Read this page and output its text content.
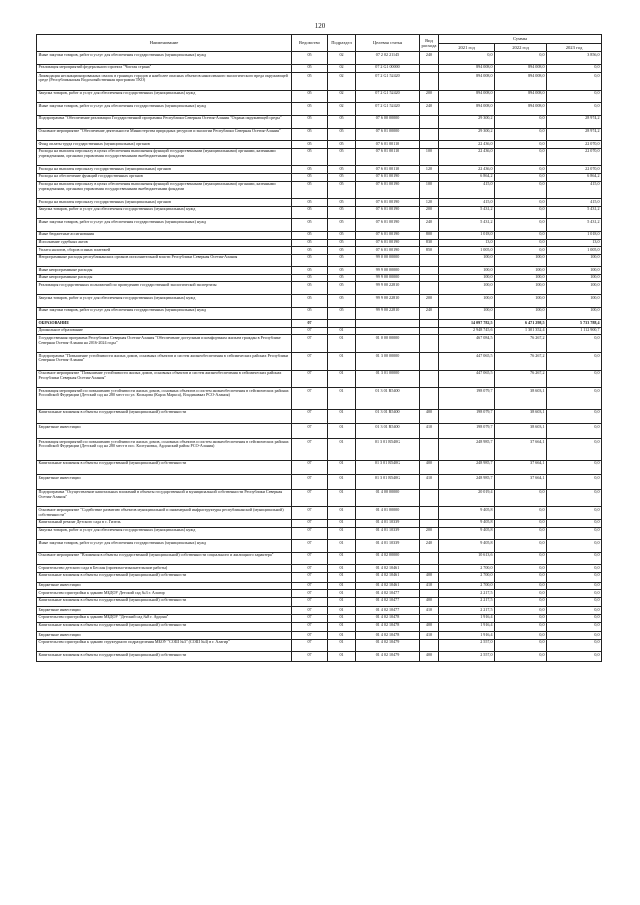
120
Наименование	Ведомство	Подраздел	Целевая статья	Вид расхода	Суммы		
					2021 год	2022 год	2023 год
Иные закупки товаров, работ и услуг для обеспечения государственных (муниципальных) нужд	05	02	07 2 02 21145	240	0,0	0,0	3 856,0
Реализация мероприятий федерального проекта "Чистая страна"	05	02	07 2 G1 00000		894 008,0	894 008,0	0,0
Ликвидация несанкционированных свалок в границах городов и наиболее опасных объектов накопленного экологического вреда окружающей среде (Республиканская Водохозяйственная программа ТКО)	05	02	07 2 G1 52420		894 008,0	894 008,0	0,0
Закупка товаров, работ и услуг для обеспечения государственных (муниципальных) нужд	05	02	07 2 G1 52420	200	894 008,0	894 008,0	0,0
Иные закупки товаров, работ и услуг для обеспечения государственных (муниципальных) нужд	05	02	07 2 G1 52420	240	894 008,0	894 008,0	0,0
Подпрограмма "Обеспечение реализации Государственной программы Республики Северная Осетия-Алания "Охрана окружающей среды"	05	05	07 6 00 00000		29 300,2	0,0	28 974,2
Основное мероприятие "Обеспечение деятельности Министерства природных ресурсов и экологии Республики Северная Осетия-Алания"	05	05	07 6 01 00000		29 300,2	0,0	28 974,2
Фонд оплаты труда государственных (муниципальных) органов	05	05	07 6 01 00110		22 436,0	0,0	22 070,0
Расходы на выплаты персоналу в целях обеспечения выполнения функций государственными (муниципальными) органами, казенными учреждениями, органами управления государственными внебюджетными фондами	05	05	07 6 01 00110	100	22 436,0	0,0	22 070,0
Расходы на выплаты персоналу государственных (муниципальных) органов	05	05	07 6 01 00110	120	22 436,0	0,0	22 070,0
Расходы на обеспечение функций государственных органов	05	05	07 6 01 00190		6 864,2	0,0	6 864,2
Расходы на выплаты персоналу в целях обеспечения выполнения функций государственными (муниципальными) органами, казенными учреждениями, органами управления государственными внебюджетными фондами	05	05	07 6 01 00190	100	415,0	0,0	415,0
Расходы на выплаты персоналу государственных (муниципальных) органов	05	05	07 6 01 00190	120	415,0	0,0	415,0
Закупка товаров, работ и услуг для обеспечения государственных (муниципальных) нужд	05	05	07 6 01 00190	200	5 431,2	0,0	5 431,2
Иные закупки товаров, работ и услуг для обеспечения государственных (муниципальных) нужд	05	05	07 6 01 00190	240	5 431,2	0,0	5 431,2
Иные бюджетные ассигнования	05	05	07 6 01 00190	800	1 018,0	0,0	1 018,0
Исполнение судебных актов	05	05	07 6 01 00190	830	13,0	0,0	13,0
Уплата налогов, сборов и иных платежей	05	05	07 6 01 00190	850	1 005,0	0,0	1 005,0
Непрограммные расходы республиканских органов исполнительной власти Республики Северная Осетия-Алания	05	05	99 0 00 00000		100,0	100,0	100,0
Иные непрограммные расходы	05	05	99 9 00 00000		100,0	100,0	100,0
Иные непрограммные расходы	05	05	99 9 00 00000		100,0	100,0	100,0
Реализация государственных полномочий по проведению государственной экологической экспертизы	05	05	99 9 00 22810		100,0	100,0	100,0
Закупка товаров, работ и услуг для обеспечения государственных (муниципальных) нужд	05	05	99 9 00 22810	200	100,0	100,0	100,0
Иные закупки товаров, работ и услуг для обеспечения государственных (муниципальных) нужд	05	05	99 9 00 22810	240	100,0	100,0	100,0
ОБРАЗОВАНИЕ	07				14 097 782,5	6 471 298,5	5 733 788,4
Дошкольное образование	07	01			2 948 745,6	1 301 352,4	1 112 900,7
Государственная программа Республики Северная Осетия-Алания "Обеспечение доступным и комфортным жильем граждан в Республике Северная Осетия-Алания на 2016-2024 годы"	07	01	01 0 00 00000		467 084,5	76 267,2	0,0
Подпрограмма "Повышение устойчивости жилых домов, основных объектов и систем жизнеобеспечения в сейсмических районах Республики Северная Осетия-Алания"	07	01	01 3 00 00000		447 065,5	76 267,2	0,0
Основное мероприятие "Повышение устойчивости жилых домов, основных объектов и систем жизнеобеспечения в сейсмических районах Республики Северная Осетия-Алания"	07	01	01 3 01 00000		447 065,5	76 267,2	0,0
Реализация мероприятий по повышению устойчивости жилых домов, основных объектов и систем жизнеобеспечения в сейсмических районах Российской Федерации (Детский сад на 280 мест по ул. Кольцова (Карла Маркса), Владикавказ РСО-Алания)	07	01	01 3 01 R5400		198 079,7	38 603,1	0,0
Капитальные вложения в объекты государственной (муниципальной) собственности	07	01	01 3 01 R5400	400	198 079,7	38 603,1	0,0
Бюджетные инвестиции	07	01	01 3 01 R5400	410	198 079,7	38 603,1	0,0
Реализация мероприятий по повышению устойчивости жилых домов, основных объектов и систем жизнеобеспечения в сейсмических районах Российской Федерации (Детский сад на 280 мест в пос. Колтуновка, Ардонский район РСО-Алания)	07	01	01 3 01 R540G		248 985,7	37 664,1	0,0
Капитальные вложения в объекты государственной (муниципальной) собственности	07	01	01 3 01 R540G	400	248 985,7	37 664,1	0,0
Бюджетные инвестиции	07	01	01 3 01 R540G	410	248 985,7	37 664,1	0,0
Подпрограмма "Осуществление капитальных вложений в объекты государственной и муниципальной собственности Республики Северная Осетия-Алания"	07	01	01 4 00 00000		20 019,4	0,0	0,0
Основное мероприятие "Содействие развитию объектов муниципальной и инженерной инфраструктуры республиканской (муниципальной) собственности"	07	01	01 4 01 00000		9 405,8	0,0	0,0
Капитальный ремонт Детского сада в с. Гизель	07	01	01 4 01 10339		9 405,8	0,0	0,0
Закупка товаров, работ и услуг для обеспечения государственных (муниципальных) нужд	07	01	01 4 01 10339	200	9 405,8	0,0	0,0
Иные закупки товаров, работ и услуг для обеспечения государственных (муниципальных) нужд	07	01	01 4 01 10339	240	9 405,8	0,0	0,0
Основное мероприятие "Вложения в объекты государственной (муниципальной) собственности социального и жилищного характера"	07	01	01 4 02 00000		10 613,6	0,0	0,0
Строительство детского сада в Беслан (проектно-изыскательские работы)	07	01	01 4 02 10461		2 700,0	0,0	0,0
Капитальные вложения в объекты государственной (муниципальной) собственности	07	01	01 4 02 10461	400	2 700,0	0,0	0,0
Бюджетные инвестиции	07	01	01 4 02 10461	410	2 700,0	0,0	0,0
Строительство пристройки к зданию МБДОУ Детский сад №3 г. Алагир	07	01	01 4 02 10477		2 217,5	0,0	0,0
Капитальные вложения в объекты государственной (муниципальной) собственности	07	01	01 4 02 10477	400	2 217,5	0,0	0,0
Бюджетные инвестиции	07	01	01 4 02 10477	410	2 217,5	0,0	0,0
Строительство пристройки к зданию МБДОУ "Детский сад №8 г. Ардона"	07	01	01 4 02 10478		1 916,4	0,0	0,0
Капитальные вложения в объекты государственной (муниципальной) собственности	07	01	01 4 02 10478	400	1 916,4	0,0	0,0
Бюджетные инвестиции	07	01	01 4 02 10478	410	1 916,4	0,0	0,0
Строительство пристройки к зданию структурного подразделения МБОУ "СОШ №3" (СОШ №4) в г. Алагир"	07	01	01 4 02 10479		2 557,0	0,0	0,0
Капитальные вложения в объекты государственной (муниципальной) собственности	07	01	01 4 02 10479	400	2 557,0	0,0	0,0
